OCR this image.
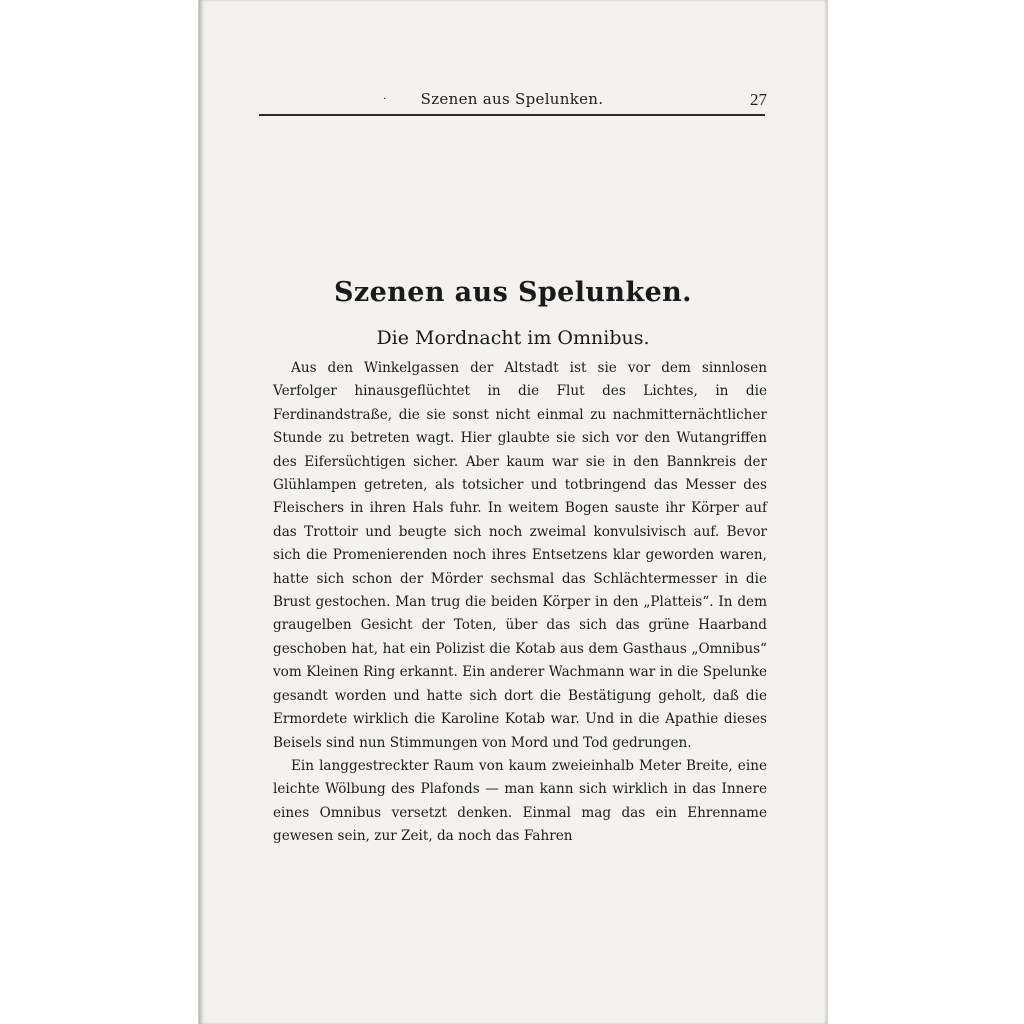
·	Szenen aus Spelunken.	27
Szenen aus Spelunken.
Die Mordnacht im Omnibus.

Aus den Winkelgassen der Altstadt ist sie vor dem sinnlosen Verfolger hinausgeflüchtet in die Flut des Lichtes, in die Ferdinandstraße, die sie sonst nicht einmal zu nachmitternächtlicher Stunde zu betreten wagt. Hier glaubte sie sich vor den Wutangriffen des Eifersüchtigen sicher. Aber kaum war sie in den Bannkreis der Glühlampen getreten, als totsicher und totbringend das Messer des Fleischers in ihren Hals fuhr. In weitem Bogen sauste ihr Körper auf das Trottoir und beugte sich noch zweimal konvulsivisch auf. Bevor sich die Promenierenden noch ihres Entsetzens klar geworden waren, hatte sich schon der Mörder sechsmal das Schlächtermesser in die Brust gestochen. Man trug die beiden Körper in den „Platteis“. In dem graugelben Gesicht der Toten, über das sich das grüne Haarband geschoben hat, hat ein Polizist die Kotab aus dem Gasthaus „Omnibus“ vom Kleinen Ring erkannt. Ein anderer Wachmann war in die Spelunke gesandt worden und hatte sich dort die Bestätigung geholt, daß die Ermordete wirklich die Karoline Kotab war. Und in die Apathie dieses Beisels sind nun Stimmungen von Mord und Tod gedrungen.

Ein langgestreckter Raum von kaum zweieinhalb Meter Breite, eine leichte Wölbung des Plafonds — man kann sich wirklich in das Innere eines Omnibus versetzt denken. Einmal mag das ein Ehrenname gewesen sein, zur Zeit, da noch das Fahren
